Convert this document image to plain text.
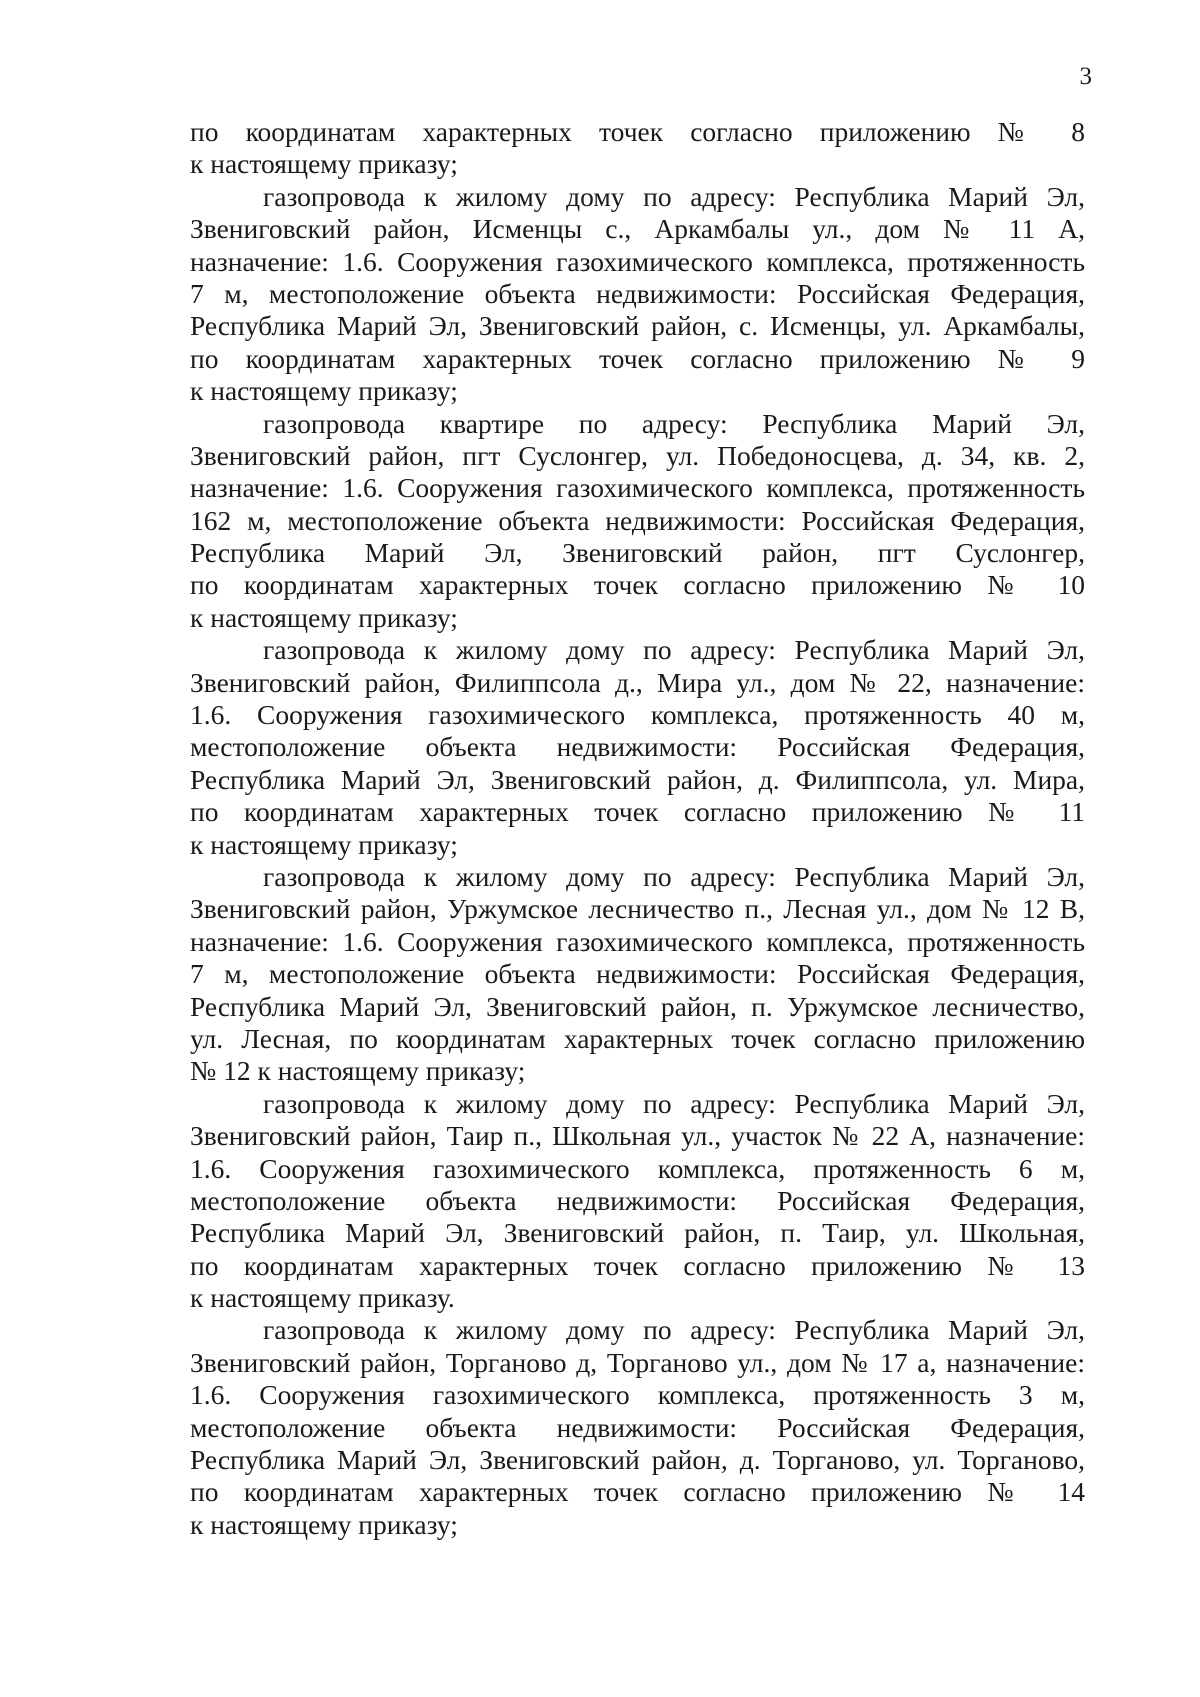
3
по координатам характерных точек согласно приложению № 8
к настоящему приказу;
газопровода к жилому дому по адресу: Республика Марий Эл,
Звениговский район, Исменцы с., Аркамбалы ул., дом № 11 А,
назначение: 1.6. Сооружения газохимического комплекса, протяженность
7 м, местоположение объекта недвижимости: Российская Федерация,
Республика Марий Эл, Звениговский район, с. Исменцы, ул. Аркамбалы,
по координатам характерных точек согласно приложению № 9
к настоящему приказу;
газопровода квартире по адресу: Республика Марий Эл,
Звениговский район, пгт Суслонгер, ул. Победоносцева, д. 34, кв. 2,
назначение: 1.6. Сооружения газохимического комплекса, протяженность
162 м, местоположение объекта недвижимости: Российская Федерация,
Республика Марий Эл, Звениговский район, пгт Суслонгер,
по координатам характерных точек согласно приложению № 10
к настоящему приказу;
газопровода к жилому дому по адресу: Республика Марий Эл,
Звениговский район, Филиппсола д., Мира ул., дом № 22, назначение:
1.6. Сооружения газохимического комплекса, протяженность 40 м,
местоположение объекта недвижимости: Российская Федерация,
Республика Марий Эл, Звениговский район, д. Филиппсола, ул. Мира,
по координатам характерных точек согласно приложению № 11
к настоящему приказу;
газопровода к жилому дому по адресу: Республика Марий Эл,
Звениговский район, Уржумское лесничество п., Лесная ул., дом № 12 В,
назначение: 1.6. Сооружения газохимического комплекса, протяженность
7 м, местоположение объекта недвижимости: Российская Федерация,
Республика Марий Эл, Звениговский район, п. Уржумское лесничество,
ул. Лесная, по координатам характерных точек согласно приложению
№ 12 к настоящему приказу;
газопровода к жилому дому по адресу: Республика Марий Эл,
Звениговский район, Таир п., Школьная ул., участок № 22 А, назначение:
1.6. Сооружения газохимического комплекса, протяженность 6 м,
местоположение объекта недвижимости: Российская Федерация,
Республика Марий Эл, Звениговский район, п. Таир, ул. Школьная,
по координатам характерных точек согласно приложению № 13
к настоящему приказу.
газопровода к жилому дому по адресу: Республика Марий Эл,
Звениговский район, Торганово д, Торганово ул., дом № 17 а, назначение:
1.6. Сооружения газохимического комплекса, протяженность 3 м,
местоположение объекта недвижимости: Российская Федерация,
Республика Марий Эл, Звениговский район, д. Торганово, ул. Торганово,
по координатам характерных точек согласно приложению № 14
к настоящему приказу;
